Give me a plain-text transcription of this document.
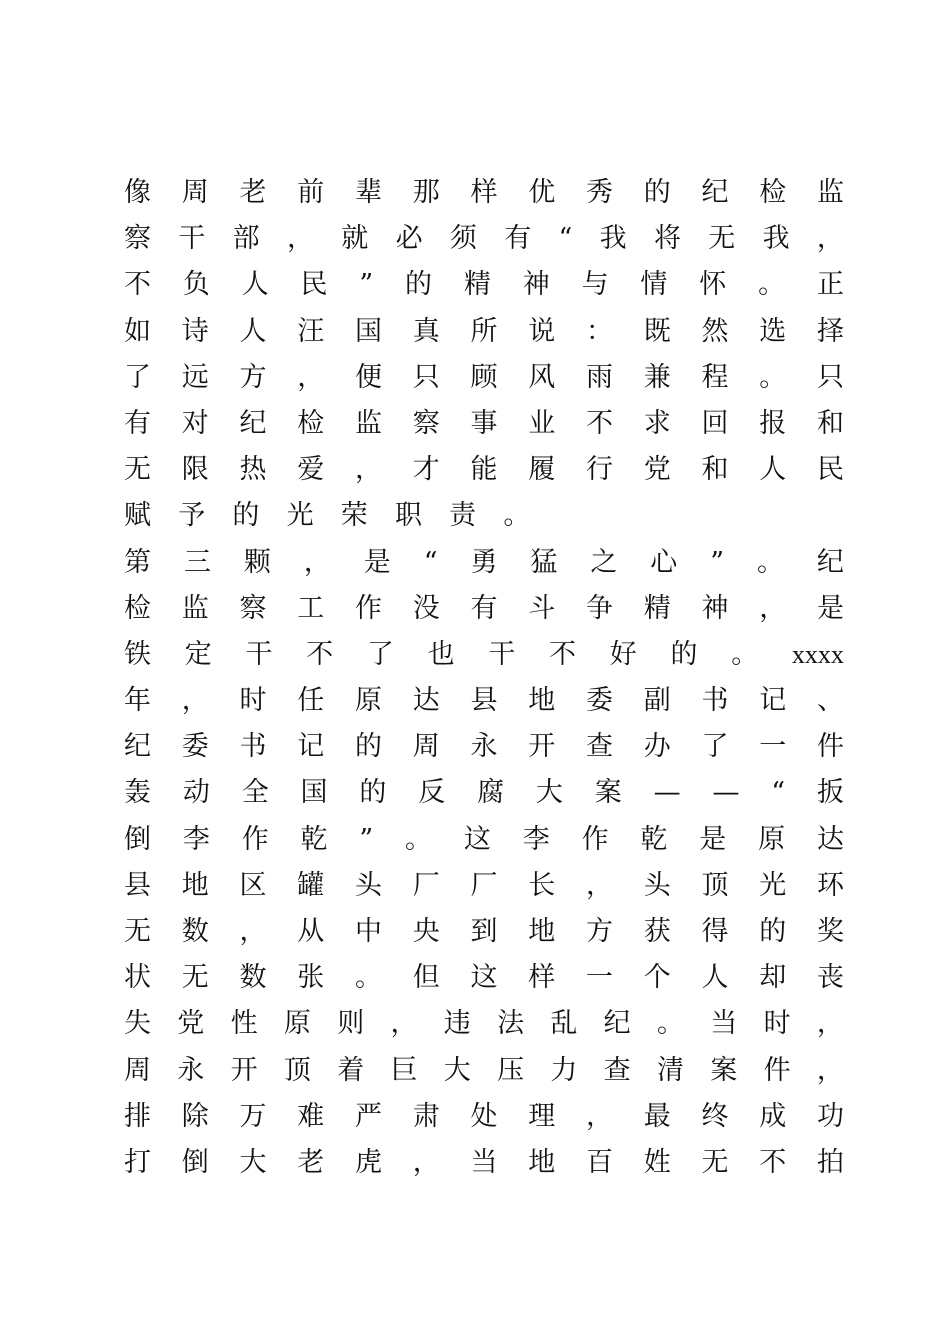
像 周 老 前 辈 那 样 优 秀 的 纪 检 监
察 干 部 ， 就 必 须 有 “ 我 将 无 我 ，
不 负 人 民 ” 的 精 神 与 情 怀 。 正
如 诗 人 汪 国 真 所 说 ： 既 然 选 择
了 远 方 ， 便 只 顾 风 雨 兼 程 。 只
有 对 纪 检 监 察 事 业 不 求 回 报 和
无 限 热 爱 ， 才 能 履 行 党 和 人 民
赋 予 的 光 荣 职 责 。
第 三 颗 ， 是 “ 勇 猛 之 心 ” 。 纪
检 监 察 工 作 没 有 斗 争 精 神 ， 是
铁 定 干 不 了 也 干 不 好 的 。 xxxx
年 ， 时 任 原 达 县 地 委 副 书 记 、
纪 委 书 记 的 周 永 开 查 办 了 一 件
轰 动 全 国 的 反 腐 大 案 — — “ 扳
倒 李 作 乾 ” 。 这 李 作 乾 是 原 达
县 地 区 罐 头 厂 厂 长 ， 头 顶 光 环
无 数 ， 从 中 央 到 地 方 获 得 的 奖
状 无 数 张 。 但 这 样 一 个 人 却 丧
失 党 性 原 则 ， 违 法 乱 纪 。 当 时 ，
周 永 开 顶 着 巨 大 压 力 查 清 案 件 ，
排 除 万 难 严 肃 处 理 ， 最 终 成 功
打 倒 大 老 虎 ， 当 地 百 姓 无 不 拍
